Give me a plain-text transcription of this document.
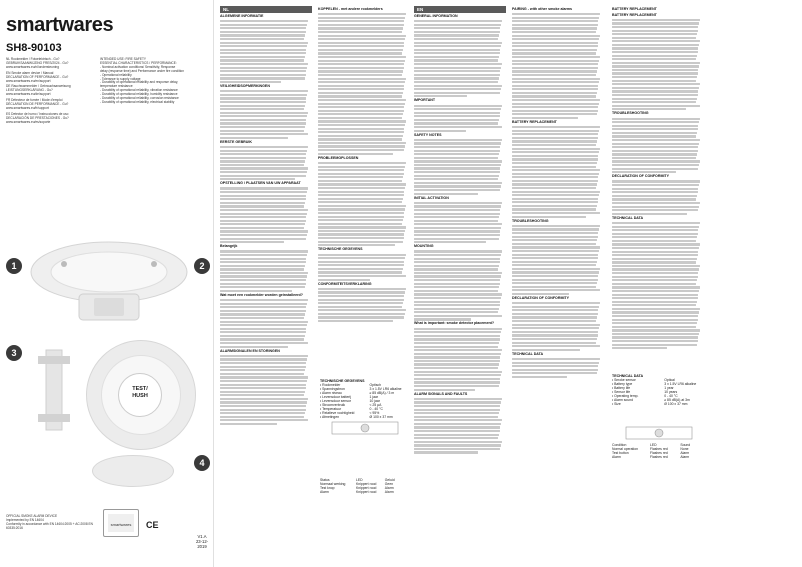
smartwares
SH8-90103
NL Rookmelder / Fotoelektrisch - Gu?
GEBRUIKSAANWIJZING FRES/2024 - Gu?
www.smartwares.eu/nl/ondersteuning
EN Smoke alarm device / Manual
DECLARATION OF PERFORMANCE - Gu?
www.smartwares.eu/en/support
DE Rauchwarnmelder / Gebrauchsanweisung
LEISTUNGSERKLÄRUNG - Gu?
www.smartwares.eu/de/support
FR Détecteur de fumée / Mode d'emploi
DÉCLARATION DE PERFORMANCE - Gu?
www.smartwares.eu/fr/support
ES Detector de humo / Instrucciones de uso
DECLARACIÓN DE PRESTACIONES - Gu?
www.smartwares.eu/es/soporte
INTENDED USE: FIRE SAFETY
ESSENTIAL CHARACTERISTICS / PERFORMANCE:
- Nominal activation conditions/ Sensitivity, Response
delay (response time) and Performance under fire condition
- Operational reliability
- Tolerance to supply voltage
- Durability of operational reliability and response delay,
temperature resistance
- Durability of operational reliability, vibration resistance
- Durability of operational reliability, humidity resistance
- Durability of operational reliability, corrosion resistance
- Durability of operational reliability, electrical stability
1	2
3
4
TEST/
HUSH
OFFICIAL SMOKE ALARM DEVICE
Implemented by EN 14604
Conformity in accordance with EN 14604:2005 + AC:2008 EN 60335:2016
smartwares CE
V1.A
23-12-2019
NL
ALGEMENE INFORMATIE
VEILIGHEIDSOPMERKINGEN
EERSTE GEBRUIK
OPSTELLING / PLAATSEN VAN UW APPARAAT
Belangrijk
Wat moet een rookmelder worden geinstalleerd?
ALARMSIGNALEN EN STORINGEN
KOPPELEN - met andere rookmelders
PROBLEEMOPLOSSEN
TECHNISCHE GEGEVENS
CONFORMITEITSVERKLARING
EN
GENERAL INFORMATION
IMPORTANT
SAFETY NOTES
INITIAL ACTIVATION
MOUNTING
What is important: smoke detector placement?
ALARM SIGNALS AND FAULTS
PAIRING - with other smoke alarms
BATTERY REPLACEMENT
TROUBLESHOOTING
DECLARATION OF CONFORMITY
TECHNICAL DATA
TECHNISCHE GEGEVENS
• Rookmelder	Optisch
• Spanningsbron	3 x 1.5V LR6 alkaline
• Alarm niveau	≥ 85 dB(A) / 3 m
• Levensduur batterij	1 jaar
• Levensduur sensor	10 jaar
• Stroomverbruik	< 25 µA
• Temperatuur	0 - 40 °C
• Relatieve vochtigheid	< 95%
• Afmetingen	Ø 100 x 37 mm
Status	LED	Geluid
Normaal werking	Knippert rood	Geen
Test knop	Knippert rood	Alarm
Alarm	Knippert rood	Alarm
TECHNICAL DATA
• Smoke sensor	Optical
• Battery type	3 x 1.5V LR6 alkaline
• Battery life	1 year
• Sensor life	10 years
• Operating temp.	0 - 40 °C
• Alarm sound	≥ 85 dB(A) at 3m
• Size	Ø 100 x 37 mm
Condition	LED	Sound
Normal operation	Flashes red	None
Test button	Flashes red	Alarm
Alarm	Flashes red	Alarm
BATTERY REPLACEMENT
BATTERY REPLACEMENT
TROUBLESHOOTING
DECLARATION OF CONFORMITY
TECHNICAL DATA
